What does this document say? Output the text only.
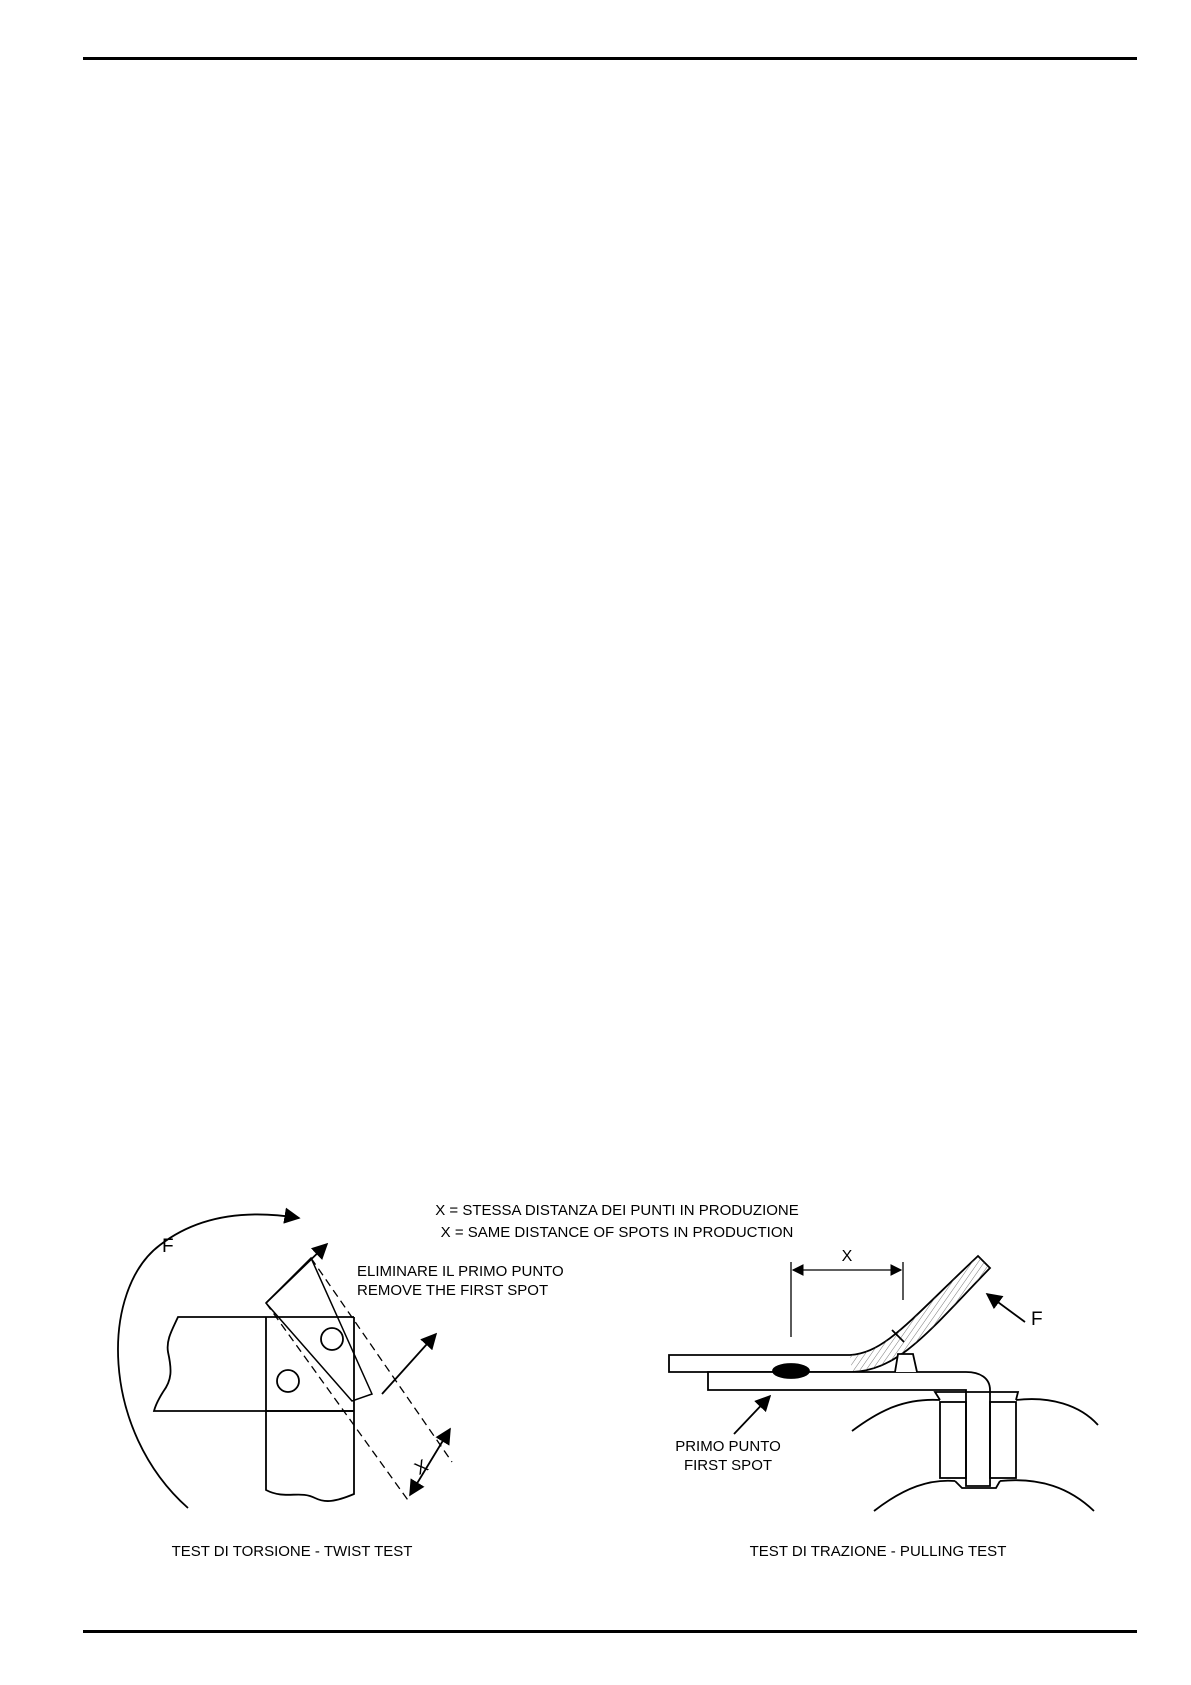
X = STESSA DISTANZA DEI PUNTI IN PRODUZIONE
X = SAME DISTANCE OF SPOTS IN PRODUCTION
F
ELIMINARE IL PRIMO PUNTO
REMOVE THE FIRST SPOT
X
TEST DI TORSIONE - TWIST TEST
X
F
PRIMO PUNTO
FIRST SPOT
TEST DI TRAZIONE - PULLING TEST
